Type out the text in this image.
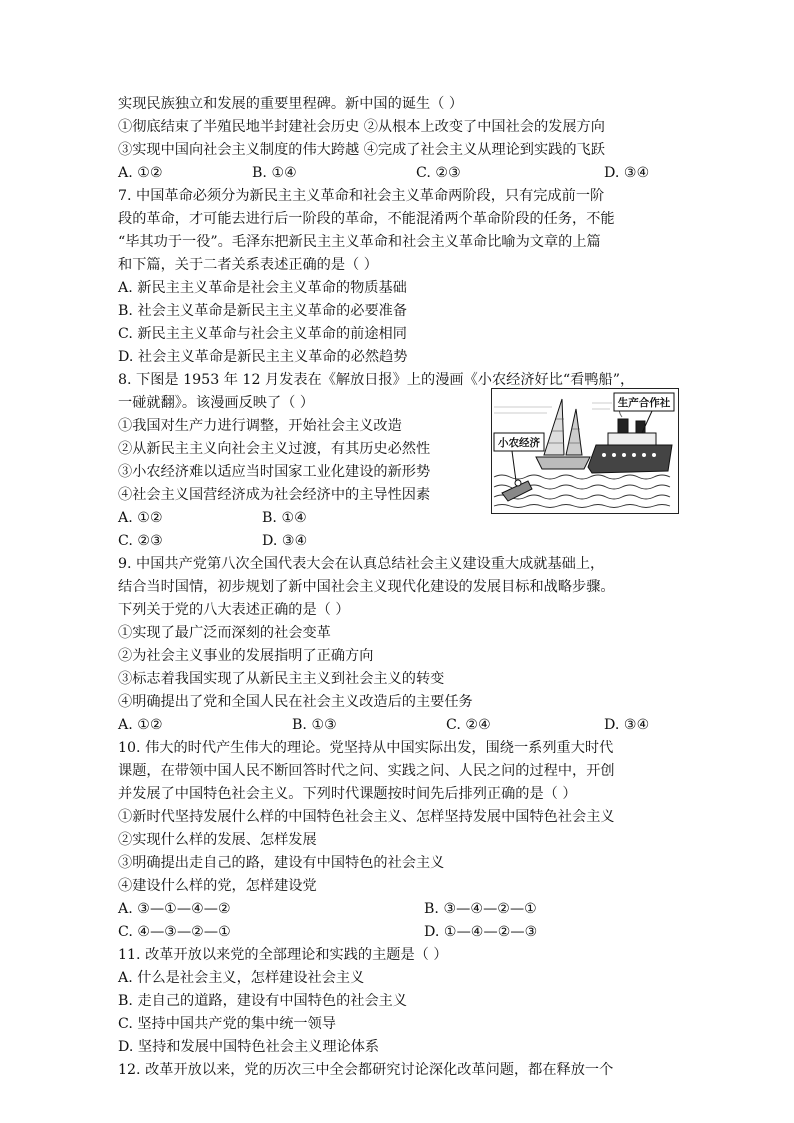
实现民族独立和发展的重要里程碑。新中国的诞生（ ）
①彻底结束了半殖民地半封建社会历史 ②从根本上改变了中国社会的发展方向
③实现中国向社会主义制度的伟大跨越 ④完成了社会主义从理论到实践的飞跃
A. ①②	B. ①④	C. ②③	D. ③④
7. 中国革命必须分为新民主主义革命和社会主义革命两阶段，只有完成前一阶
段的革命，才可能去进行后一阶段的革命，不能混淆两个革命阶段的任务，不能
“毕其功于一役”。毛泽东把新民主主义革命和社会主义革命比喻为文章的上篇
和下篇，关于二者关系表述正确的是（ ）
A. 新民主主义革命是社会主义革命的物质基础
B. 社会主义革命是新民主主义革命的必要准备
C. 新民主主义革命与社会主义革命的前途相同
D. 社会主义革命是新民主主义革命的必然趋势
8. 下图是 1953 年 12 月发表在《解放日报》上的漫画《小农经济好比“看鸭船”，
一碰就翻》。该漫画反映了（ ）
①我国对生产力进行调整，开始社会主义改造
②从新民主主义向社会主义过渡，有其历史必然性
③小农经济难以适应当时国家工业化建设的新形势
④社会主义国营经济成为社会经济中的主导性因素
A. ①②	B. ①④
C. ②③	D. ③④
小农经济
生产合作社
9. 中国共产党第八次全国代表大会在认真总结社会主义建设重大成就基础上，
结合当时国情，初步规划了新中国社会主义现代化建设的发展目标和战略步骤。
下列关于党的八大表述正确的是（ ）
①实现了最广泛而深刻的社会变革
②为社会主义事业的发展指明了正确方向
③标志着我国实现了从新民主主义到社会主义的转变
④明确提出了党和全国人民在社会主义改造后的主要任务
A. ①②	B. ①③	C. ②④	D. ③④
10. 伟大的时代产生伟大的理论。党坚持从中国实际出发，围绕一系列重大时代
课题，在带领中国人民不断回答时代之问、实践之问、人民之问的过程中，开创
并发展了中国特色社会主义。下列时代课题按时间先后排列正确的是（ ）
①新时代坚持发展什么样的中国特色社会主义、怎样坚持发展中国特色社会主义
②实现什么样的发展、怎样发展
③明确提出走自己的路，建设有中国特色的社会主义
④建设什么样的党，怎样建设党
A. ③—①—④—②	B. ③—④—②—①
C. ④—③—②—①	D. ①—④—②—③
11. 改革开放以来党的全部理论和实践的主题是（ ）
A. 什么是社会主义，怎样建设社会主义
B. 走自己的道路，建设有中国特色的社会主义
C. 坚持中国共产党的集中统一领导
D. 坚持和发展中国特色社会主义理论体系
12. 改革开放以来，党的历次三中全会都研究讨论深化改革问题，都在释放一个
